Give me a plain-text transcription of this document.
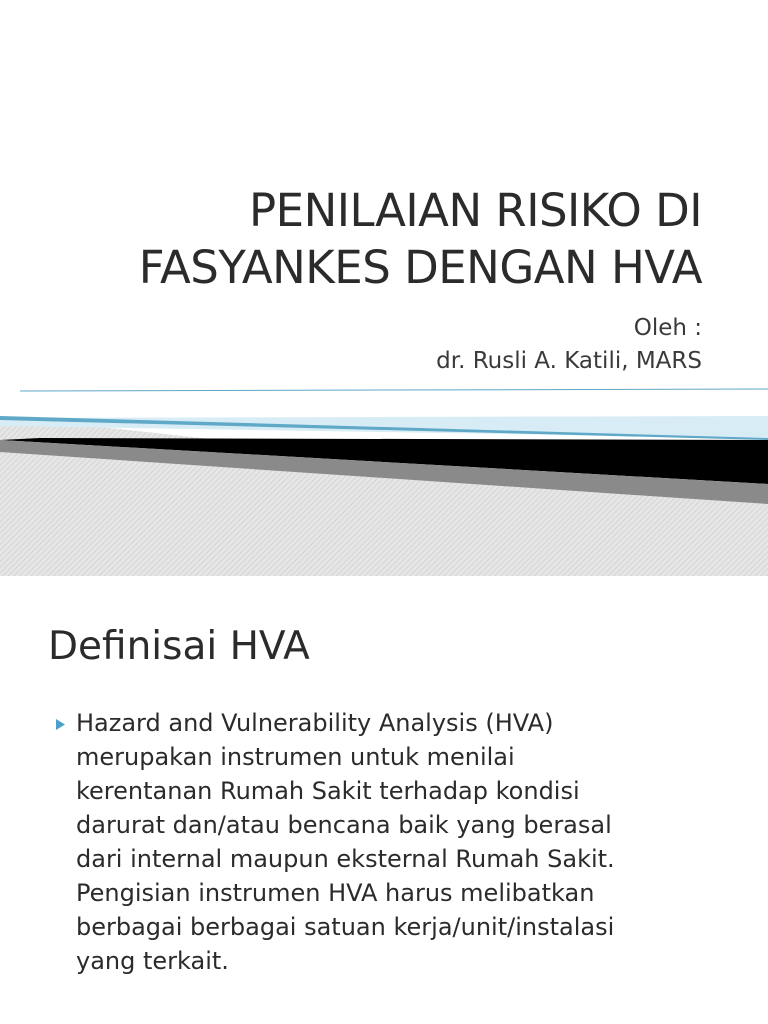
PENILAIAN RISIKO DI
FASYANKES DENGAN HVA
Oleh :
dr. Rusli A. Katili, MARS
Definisai HVA
Hazard and Vulnerability Analysis (HVA)
merupakan instrumen untuk menilai
kerentanan Rumah Sakit terhadap kondisi
darurat dan/atau bencana baik yang berasal
dari internal maupun eksternal Rumah Sakit.
Pengisian instrumen HVA harus melibatkan
berbagai berbagai satuan kerja/unit/instalasi
yang terkait.
